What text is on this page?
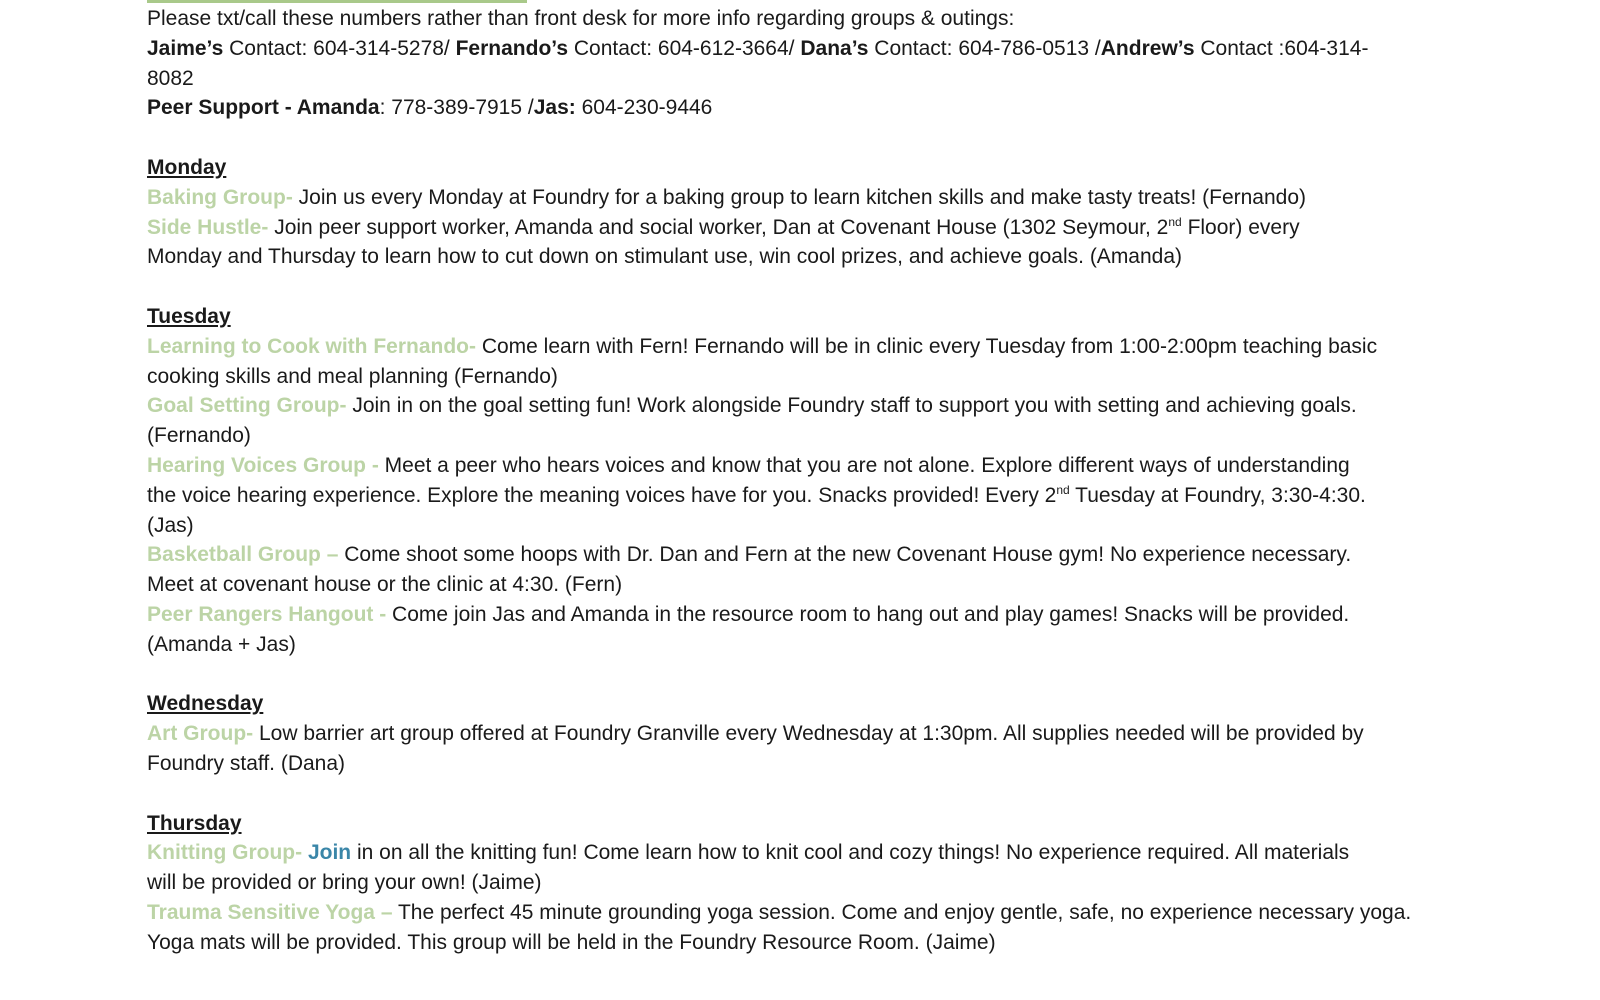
Please txt/call these numbers rather than front desk for more info regarding groups & outings:

Jaime’s Contact: 604-314-5278/ Fernando’s Contact: 604-612-3664/ Dana’s Contact: 604-786-0513 /Andrew’s Contact :604-314-

8082

Peer Support - Amanda: 778-389-7915 /Jas: 604-230-9446

Monday

Baking Group- Join us every Monday at Foundry for a baking group to learn kitchen skills and make tasty treats! (Fernando)

Side Hustle- Join peer support worker, Amanda and social worker, Dan at Covenant House (1302 Seymour, 2nd Floor) every

Monday and Thursday to learn how to cut down on stimulant use, win cool prizes, and achieve goals. (Amanda)

Tuesday

Learning to Cook with Fernando- Come learn with Fern! Fernando will be in clinic every Tuesday from 1:00-2:00pm teaching basic

cooking skills and meal planning (Fernando)

Goal Setting Group- Join in on the goal setting fun! Work alongside Foundry staff to support you with setting and achieving goals.

(Fernando)

Hearing Voices Group - Meet a peer who hears voices and know that you are not alone. Explore different ways of understanding

the voice hearing experience. Explore the meaning voices have for you. Snacks provided! Every 2nd Tuesday at Foundry, 3:30-4:30.

(Jas)

Basketball Group – Come shoot some hoops with Dr. Dan and Fern at the new Covenant House gym! No experience necessary.

Meet at covenant house or the clinic at 4:30. (Fern)

Peer Rangers Hangout - Come join Jas and Amanda in the resource room to hang out and play games! Snacks will be provided.

(Amanda + Jas)

Wednesday

Art Group- Low barrier art group offered at Foundry Granville every Wednesday at 1:30pm. All supplies needed will be provided by

Foundry staff. (Dana)

Thursday

Knitting Group- Join in on all the knitting fun! Come learn how to knit cool and cozy things! No experience required. All materials

will be provided or bring your own! (Jaime)

Trauma Sensitive Yoga – The perfect 45 minute grounding yoga session. Come and enjoy gentle, safe, no experience necessary yoga.

Yoga mats will be provided. This group will be held in the Foundry Resource Room. (Jaime)
